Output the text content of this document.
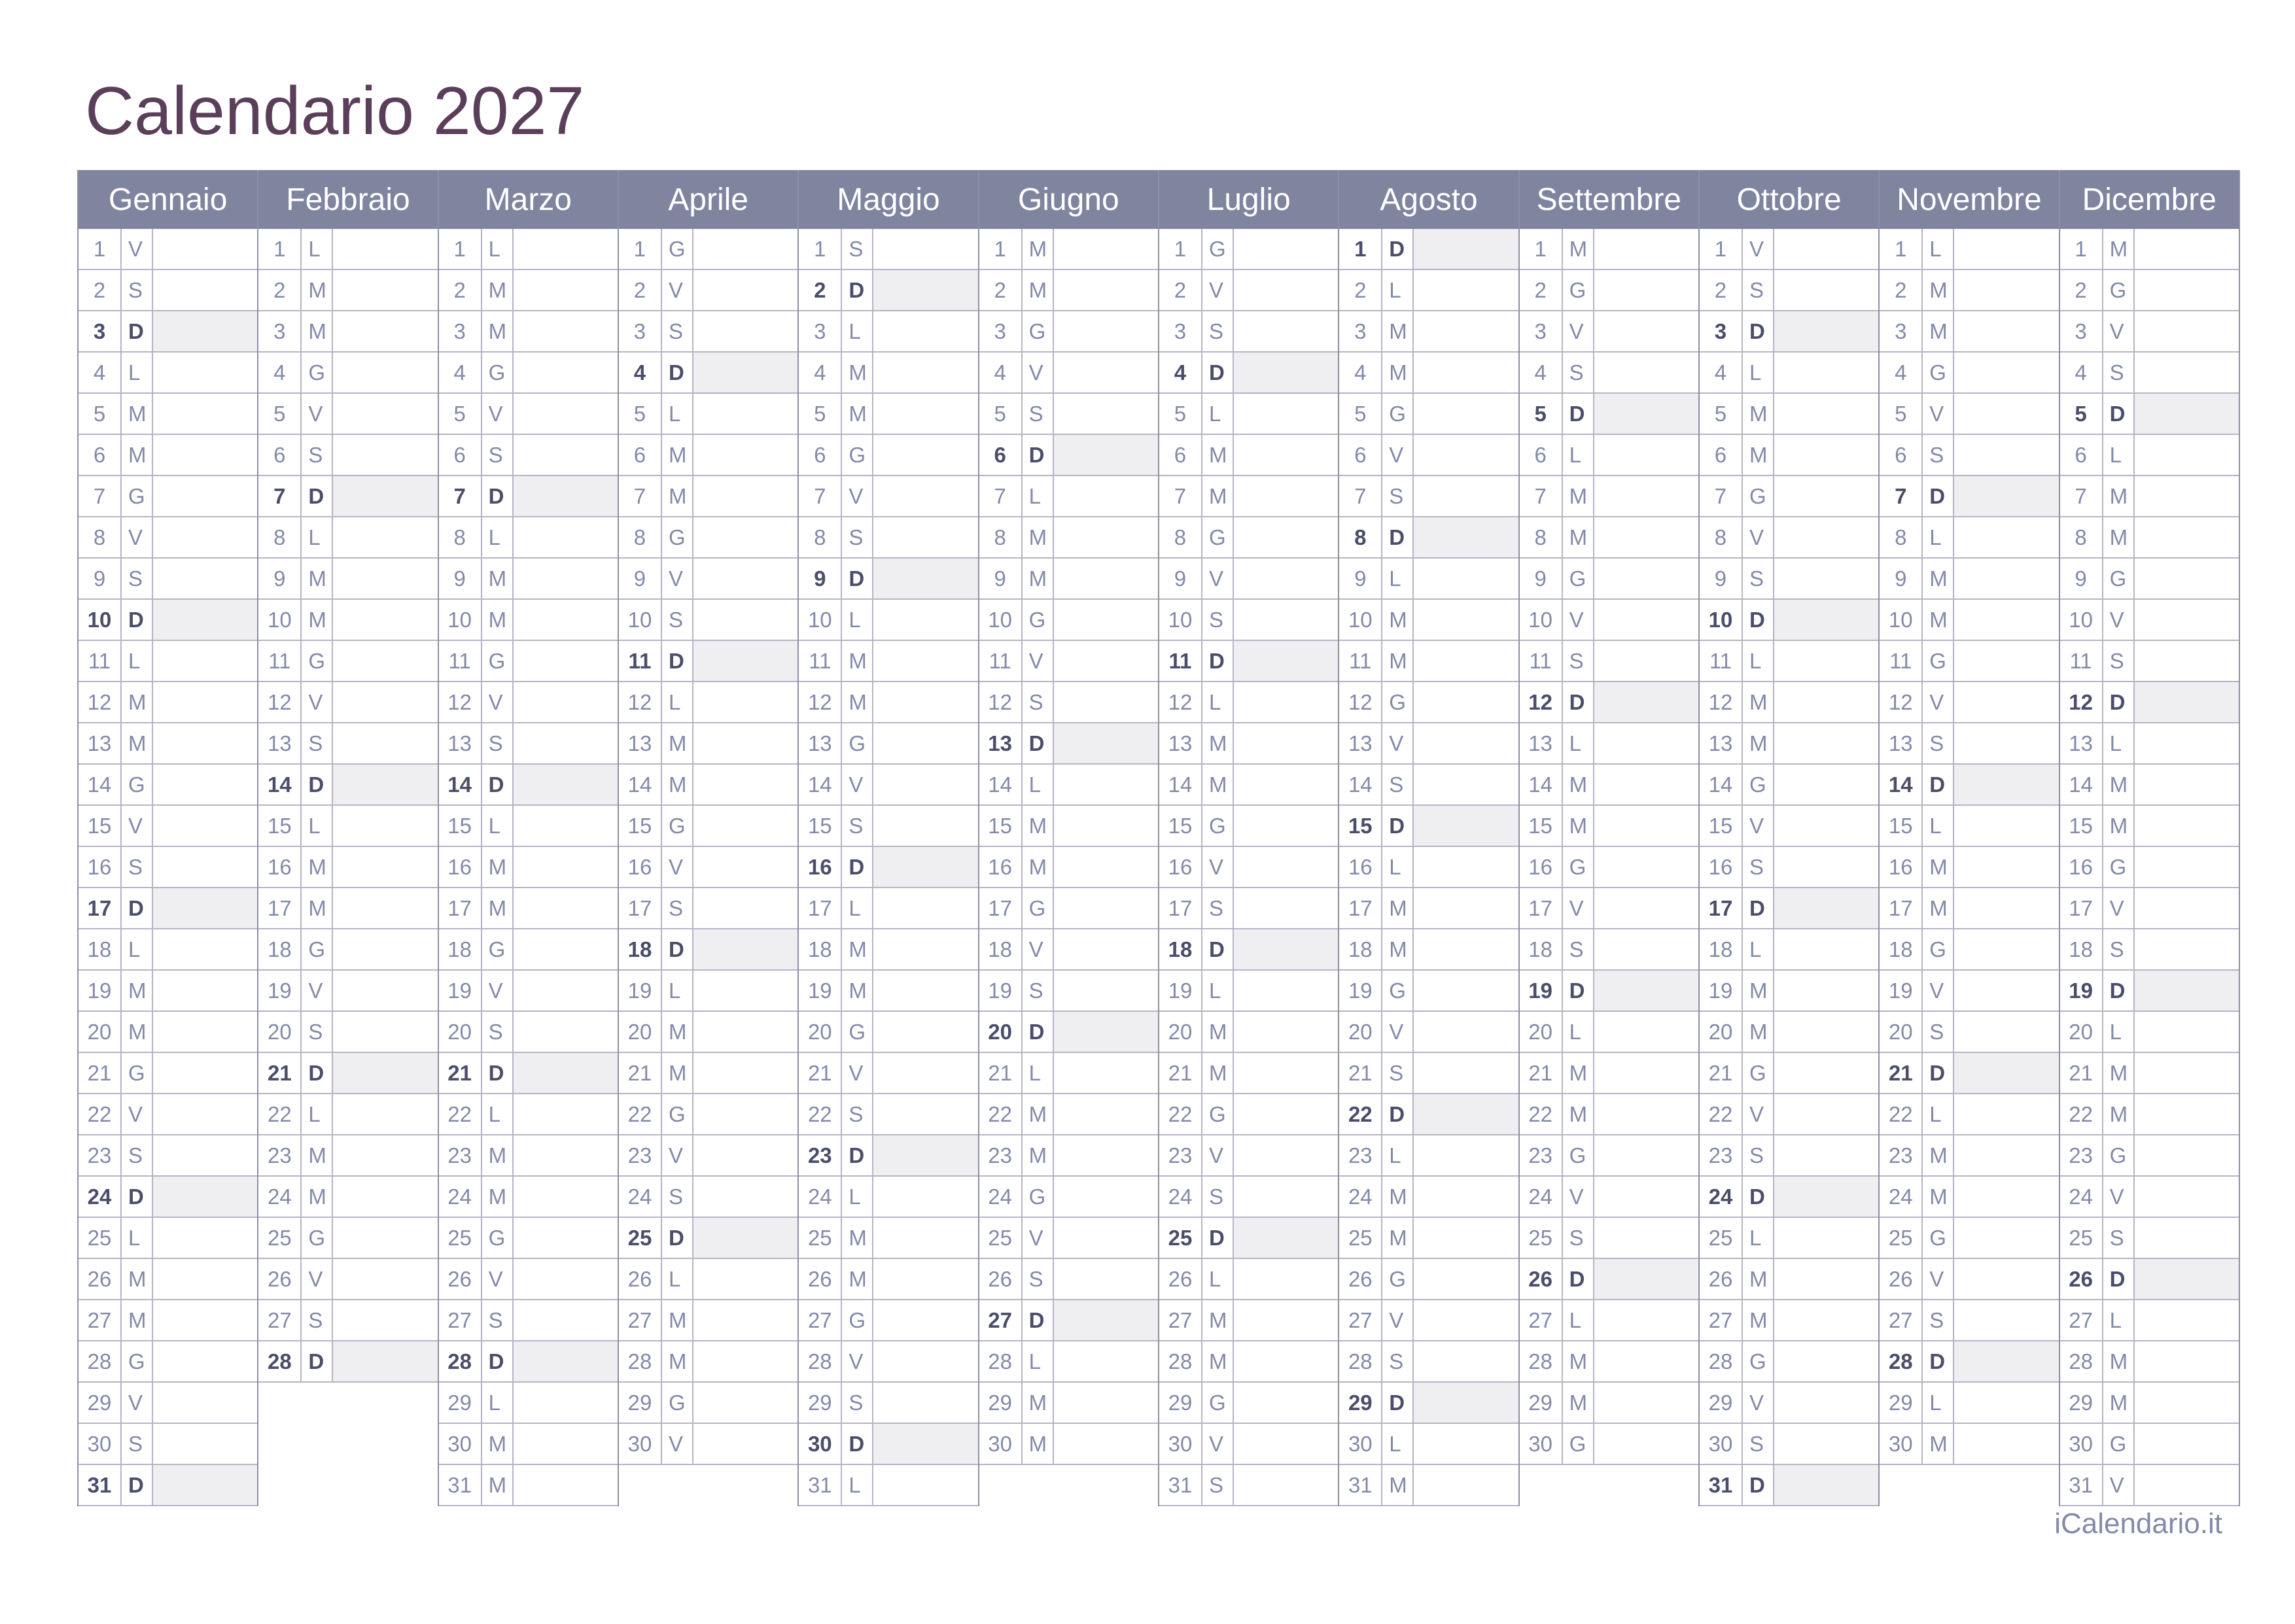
Calendario 2027
Gennaio
1	V
2	S
3	D
4	L
5	M
6	M
7	G
8	V
9	S
10 D
11 L
12 M
13 M
14 G
15 V
16 S
17 D
18 L
19 M
20 M
21 G
22 V
23 S
24 D
25 L
26 M
27 M
28 G
29 V
30 S
31 D
Febbraio
1	L
2	M
3	M
4	G
5	V
6	S
7	D
8	L
9	M
10 M
11 G
12 V
13 S
14 D
15 L
16 M
17 M
18 G
19 V
20 S
21 D
22 L
23 M
24 M
25 G
26 V
27 S
28 D
Marzo
1	L
2	M
3	M
4	G
5	V
6	S
7	D
8	L
9	M
10 M
11 G
12 V
13 S
14 D
15 L
16 M
17 M
18 G
19 V
20 S
21 D
22 L
23 M
24 M
25 G
26 V
27 S
28 D
29 L
30 M
31 M
Aprile
1	G
2	V
3	S
4	D
5	L
6	M
7	M
8	G
9	V
10 S
11 D
12 L
13 M
14 M
15 G
16 V
17 S
18 D
19 L
20 M
21 M
22 G
23 V
24 S
25 D
26 L
27 M
28 M
29 G
30 V
Maggio
1	S
2	D
3	L
4	M
5	M
6	G
7	V
8	S
9	D
10 L
11 M
12 M
13 G
14 V
15 S
16 D
17 L
18 M
19 M
20 G
21 V
22 S
23 D
24 L
25 M
26 M
27 G
28 V
29 S
30 D
31 L
Giugno
1	M
2	M
3	G
4	V
5	S
6	D
7	L
8	M
9	M
10 G
11 V
12 S
13 D
14 L
15 M
16 M
17 G
18 V
19 S
20 D
21 L
22 M
23 M
24 G
25 V
26 S
27 D
28 L
29 M
30 M
Luglio
1	G
2	V
3	S
4	D
5	L
6	M
7	M
8	G
9	V
10 S
11 D
12 L
13 M
14 M
15 G
16 V
17 S
18 D
19 L
20 M
21 M
22 G
23 V
24 S
25 D
26 L
27 M
28 M
29 G
30 V
31 S
Agosto
1	D
2	L
3	M
4	M
5	G
6	V
7	S
8	D
9	L
10 M
11 M
12 G
13 V
14 S
15 D
16 L
17 M
18 M
19 G
20 V
21 S
22 D
23 L
24 M
25 M
26 G
27 V
28 S
29 D
30 L
31 M
Settembre
1	M
2	G
3	V
4	S
5	D
6	L
7	M
8	M
9	G
10 V
11 S
12 D
13 L
14 M
15 M
16 G
17 V
18 S
19 D
20 L
21 M
22 M
23 G
24 V
25 S
26 D
27 L
28 M
29 M
30 G
Ottobre
1	V
2	S
3	D
4	L
5	M
6	M
7	G
8	V
9	S
10 D
11 L
12 M
13 M
14 G
15 V
16 S
17 D
18 L
19 M
20 M
21 G
22 V
23 S
24 D
25 L
26 M
27 M
28 G
29 V
30 S
31 D
Novembre
1	L
2	M
3	M
4	G
5	V
6	S
7	D
8	L
9	M
10 M
11 G
12 V
13 S
14 D
15 L
16 M
17 M
18 G
19 V
20 S
21 D
22 L
23 M
24 M
25 G
26 V
27 S
28 D
29 L
30 M
Dicembre
1	M
2	G
3	V
4	S
5	D
6	L
7	M
8	M
9	G
10 V
11 S
12 D
13 L
14 M
15 M
16 G
17 V
18 S
19 D
20 L
21 M
22 M
23 G
24 V
25 S
26 D
27 L
28 M
29 M
30 G
31 V
iCalendario.it
